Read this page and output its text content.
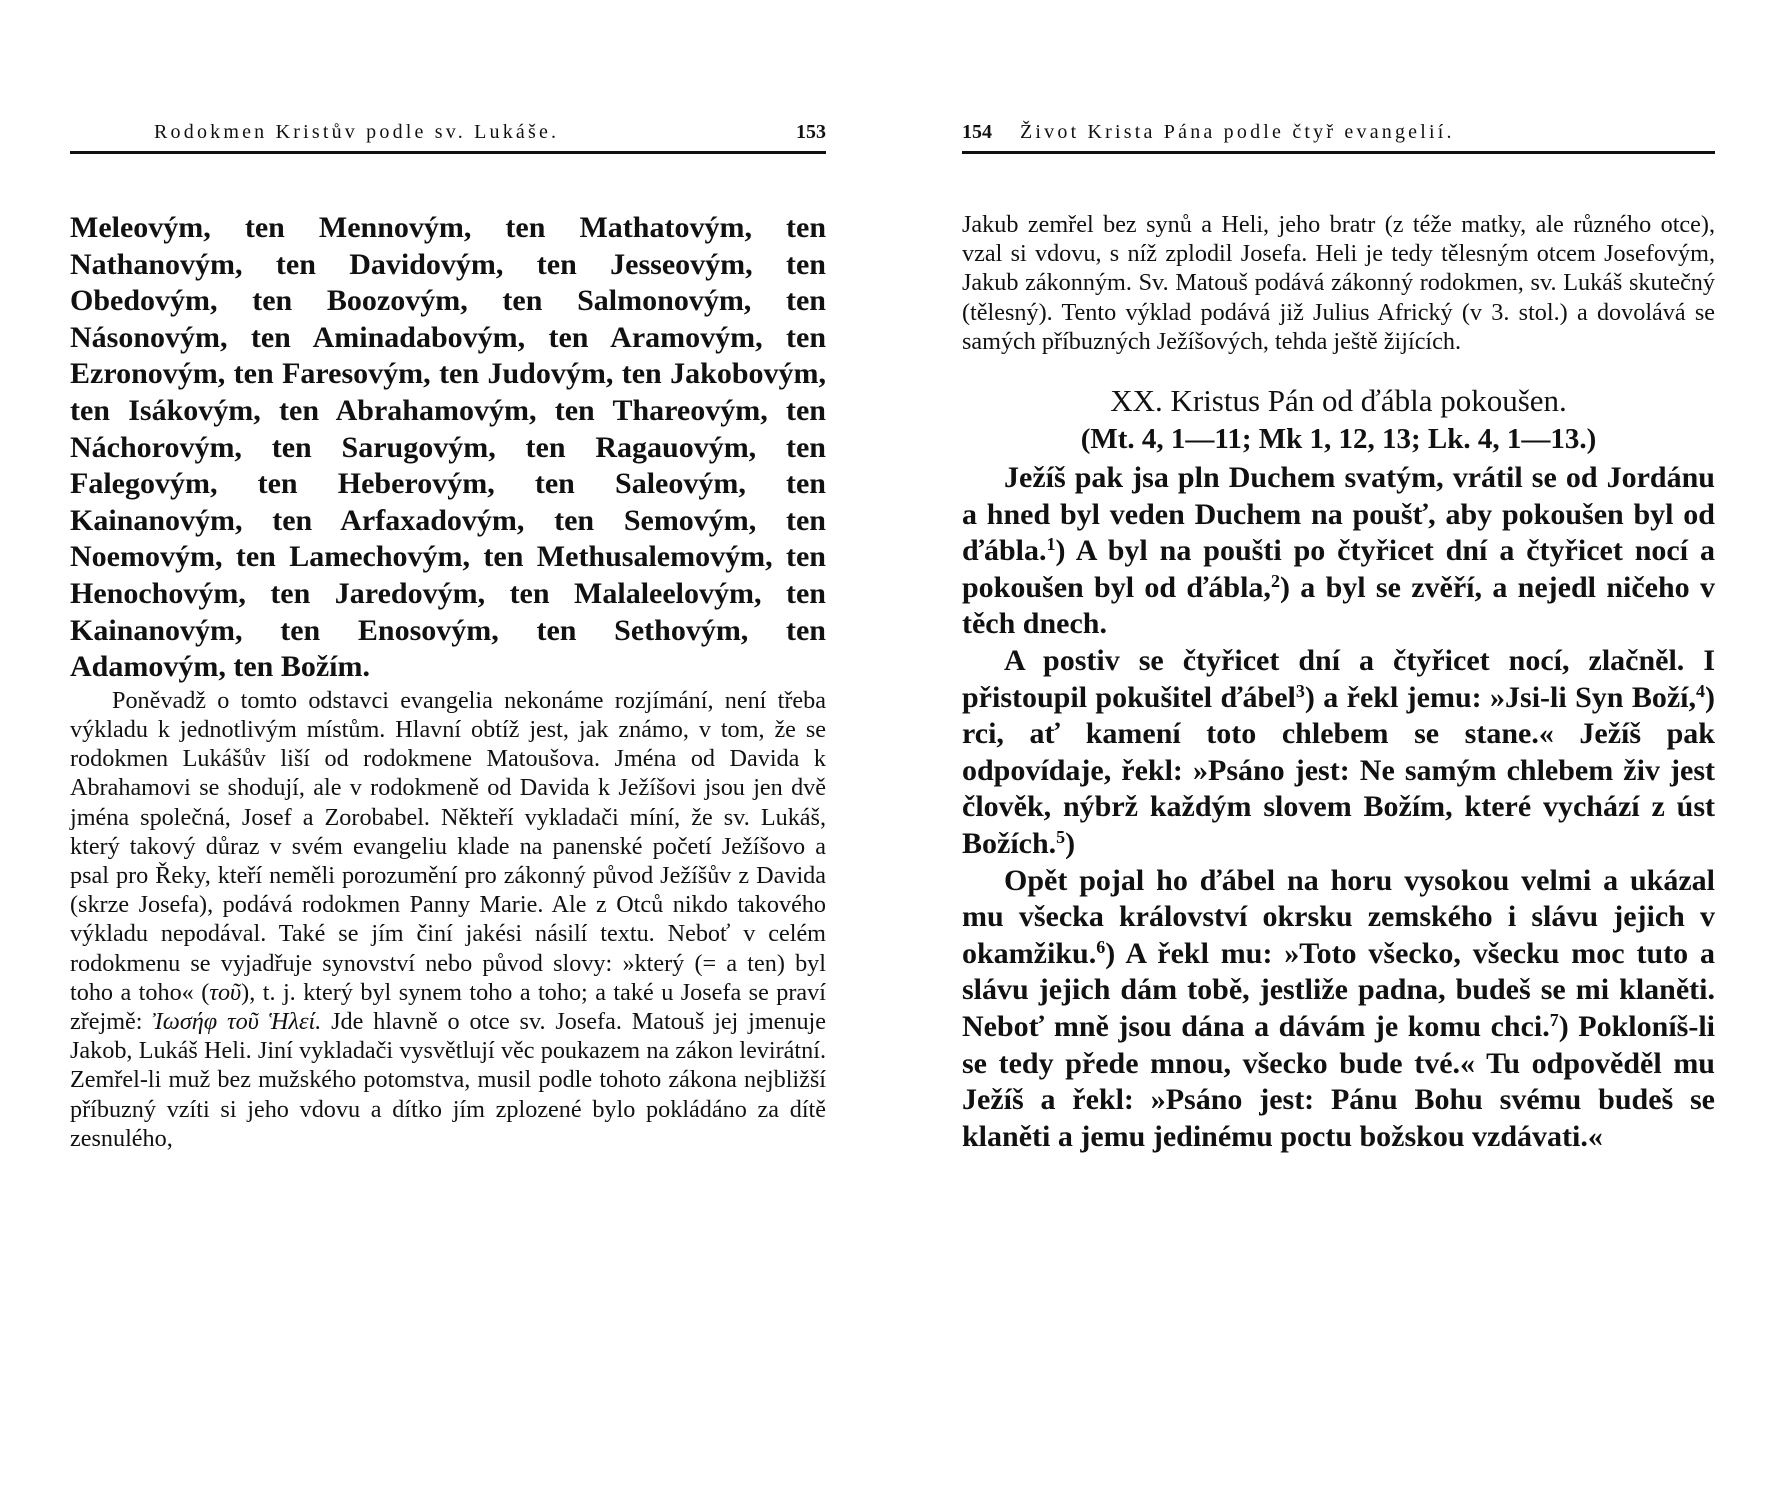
Rodokmen Kristův podle sv. Lukáše.	153

Meleovým, ten Mennovým, ten Mathatovým, ten Nathanovým, ten Davidovým, ten Jesseovým, ten Obedovým, ten Boozovým, ten Salmonovým, ten Násonovým, ten Aminadabovým, ten Aramovým, ten Ezronovým, ten Faresovým, ten Judovým, ten Jakobovým, ten Isákovým, ten Abrahamovým, ten Thareovým, ten Náchorovým, ten Sarugovým, ten Ragauovým, ten Falegovým, ten Heberovým, ten Saleovým, ten Kainanovým, ten Arfaxadovým, ten Semovým, ten Noemovým, ten Lamechovým, ten Methusalemovým, ten Henochovým, ten Jaredovým, ten Malaleelovým, ten Kainanovým, ten Enosovým, ten Sethovým, ten Adamovým, ten Božím.

Poněvadž o tomto odstavci evangelia nekonáme rozjímání, není třeba výkladu k jednotlivým místům. Hlavní obtíž jest, jak známo, v tom, že se rodokmen Lukášův liší od rodokmene Matoušova. Jména od Davida k Abrahamovi se shodují, ale v rodokmeně od Davida k Ježíšovi jsou jen dvě jména společná, Josef a Zorobabel. Někteří vykladači míní, že sv. Lukáš, který takový důraz v svém evangeliu klade na panenské početí Ježíšovo a psal pro Řeky, kteří neměli porozumění pro zákonný původ Ježíšův z Davida (skrze Josefa), podává rodokmen Panny Marie. Ale z Otců nikdo takového výkladu nepodával. Také se jím činí jakési násilí textu. Neboť v celém rodokmenu se vyjadřuje synovství nebo původ slovy: »který (= a ten) byl toho a toho« (τοῦ), t. j. který byl synem toho a toho; a také u Josefa se praví zřejmě: Ἰωσήφ τοῦ Ἡλεί. Jde hlavně o otce sv. Josefa. Matouš jej jmenuje Jakob, Lukáš Heli. Jiní vykladači vysvětlují věc poukazem na zákon levirátní. Zemřel-li muž bez mužského potomstva, musil podle tohoto zákona nejbližší příbuzný vzíti si jeho vdovu a dítko jím zplozené bylo pokládáno za dítě zesnulého,

154 Život Krista Pána podle čtyř evangelií.

Jakub zemřel bez synů a Heli, jeho bratr (z téže matky, ale různého otce), vzal si vdovu, s níž zplodil Josefa. Heli je tedy tělesným otcem Josefovým, Jakub zákonným. Sv. Matouš podává zákonný rodokmen, sv. Lukáš skutečný (tělesný). Tento výklad podává již Julius Africký (v 3. stol.) a dovolává se samých příbuzných Ježíšových, tehda ještě žijících.

XX. Kristus Pán od ďábla pokoušen.
(Mt. 4, 1—11; Mk 1, 12, 13; Lk. 4, 1—13.)

Ježíš pak jsa pln Duchem svatým, vrátil se od Jordánu a hned byl veden Duchem na poušť, aby pokoušen byl od ďábla.$^1$) A byl na poušti po čtyřicet dní a čtyřicet nocí a pokoušen byl od ďábla,$^2$) a byl se zvěří, a nejedl ničeho v těch dnech.

A postiv se čtyřicet dní a čtyřicet nocí, zlačněl. I přistoupil pokušitel ďábel$^3$) a řekl jemu: »Jsi-li Syn Boží,$^4$) rci, ať kamení toto chlebem se stane.« Ježíš pak odpovídaje, řekl: »Psáno jest: Ne samým chlebem živ jest člověk, nýbrž každým slovem Božím, které vychází z úst Božích.$^5$)

Opět pojal ho ďábel na horu vysokou velmi a ukázal mu všecka království okrsku zemského i slávu jejich v okamžiku.$^6$) A řekl mu: »Toto všecko, všecku moc tuto a slávu jejich dám tobě, jestliže padna, budeš se mi klaněti. Neboť mně jsou dána a dávám je komu chci.$^7$) Pokloníš-li se tedy přede mnou, všecko bude tvé.« Tu odpověděl mu Ježíš a řekl: »Psáno jest: Pánu Bohu svému budeš se klaněti a jemu jedinému poctu božskou vzdávati.«
